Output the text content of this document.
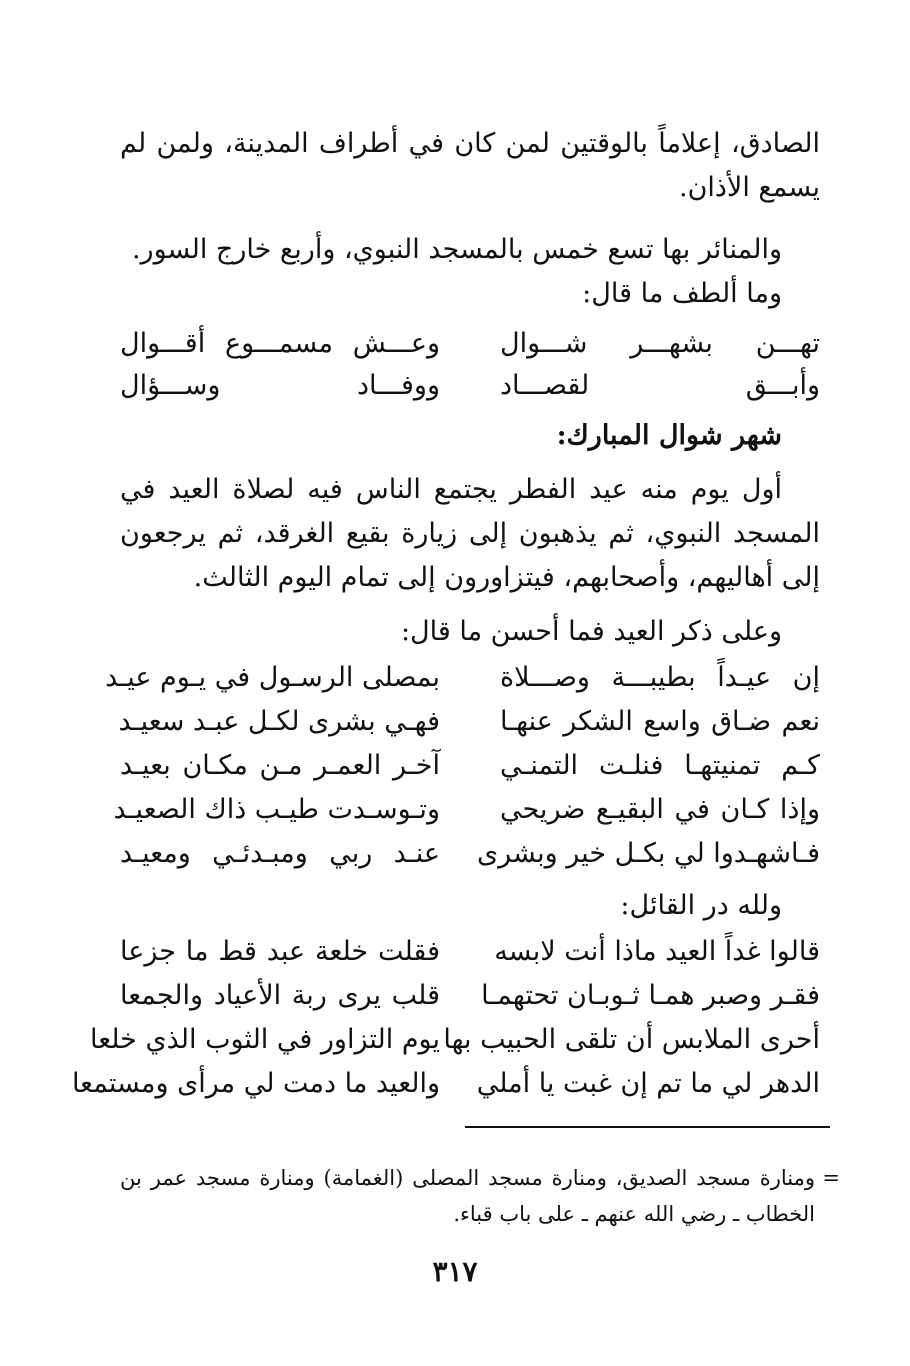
الصادق، إعلاماً بالوقتين لمن كان في أطراف المدينة، ولمن لم يسمع الأذان.
والمنائر بها تسع خمس بالمسجد النبوي، وأربع خارج السور.
وما ألطف ما قال:
تهـــن بشهـــر شـــوال
وعـــش مسمـــوع أقـــوال
وأبـــق لقصـــاد
ووفـــاد وســـؤال
شهر شوال المبارك:
أول يوم منه عيد الفطر يجتمع الناس فيه لصلاة العيد في المسجد النبوي، ثم يذهبون إلى زيارة بقيع الغرقد، ثم يرجعون إلى أهاليهم، وأصحابهم، فيتزاورون إلى تمام اليوم الثالث.
وعلى ذكر العيد فما أحسن ما قال:
إن عيـداً بطيبـــة وصـــلاة
بمصلى الرسـول في يـوم عيـد
نعم ضـاق واسع الشكر عنهـا
فهـي بشرى لكـل عبـد سعيـد
كـم تمنيتهـا فنلـت التمنـي
آخـر العمـر مـن مكـان بعيـد
وإذا كـان في البقيـع ضريحي
وتـوسـدت طيـب ذاك الصعيـد
فـاشهـدوا لي بكـل خير وبشرى
عنـد ربي ومبـدئـي ومعيـد
ولله در القائل:
قالوا غداً العيد ماذا أنت لابسه
فقلت خلعة عبد قط ما جزعا
فقـر وصبر همـا ثـوبـان تحتهمـا
قلب يرى ربة الأعياد والجمعا
أحرى الملابس أن تلقى الحبيب بها
يوم التزاور في الثوب الذي خلعا
الدهر لي ما تم إن غبت يا أملي
والعيد ما دمت لي مرأى ومستمعا
=
ومنارة مسجد الصديق، ومنارة مسجد المصلى (الغمامة) ومنارة مسجد عمر بن الخطاب ـ رضي الله عنهم ـ على باب قباء.
٣١٧
